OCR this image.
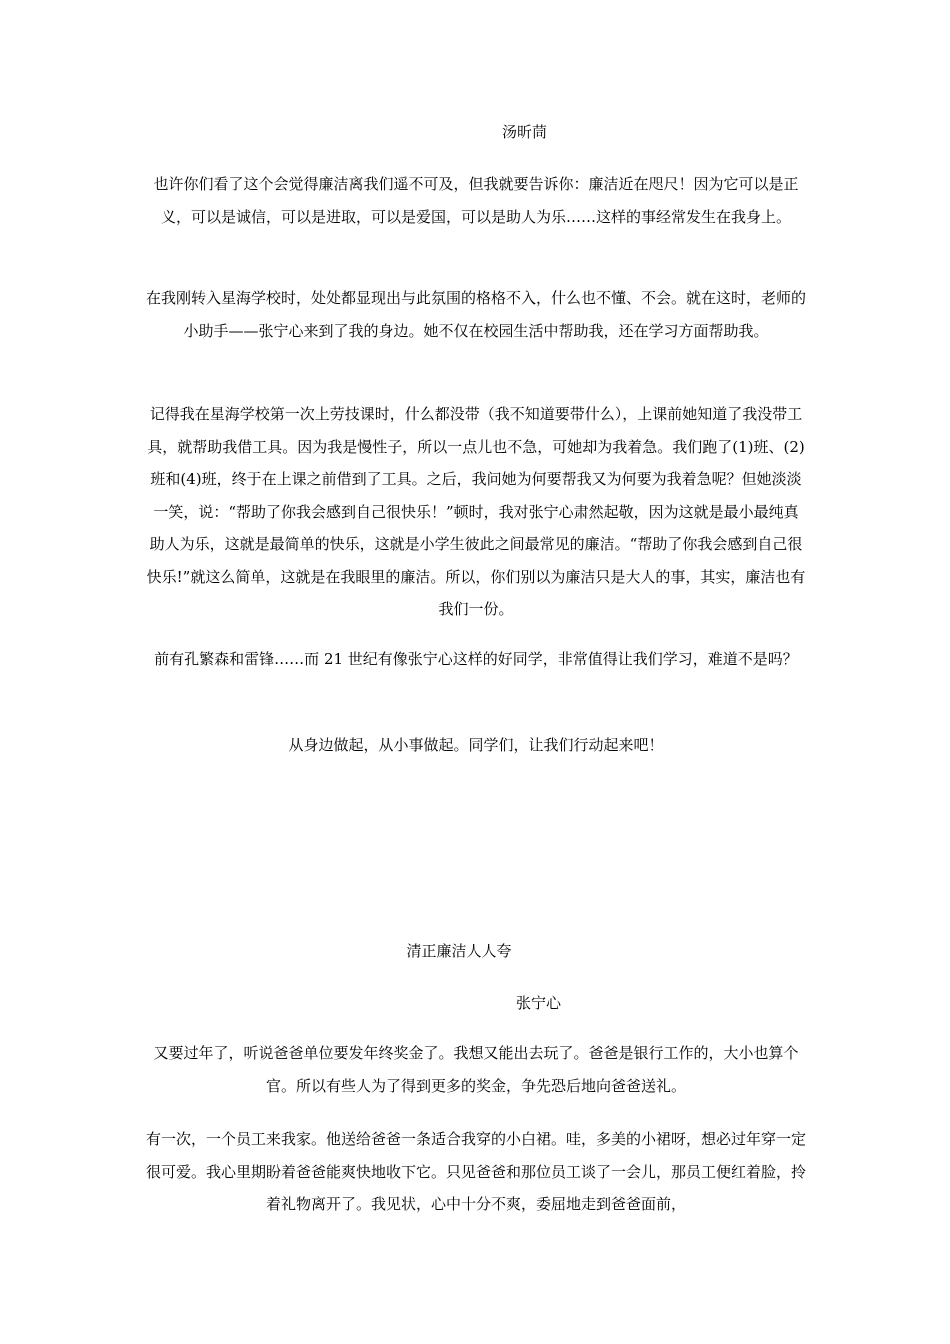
汤昕茼

也许你们看了这个会觉得廉洁离我们遥不可及，但我就要告诉你：廉洁近在咫尺！因为它可以是正义，可以是诚信，可以是进取，可以是爱国，可以是助人为乐……这样的事经常发生在我身上。

在我刚转入星海学校时，处处都显现出与此氛围的格格不入，什么也不懂、不会。就在这时，老师的小助手——张宁心来到了我的身边。她不仅在校园生活中帮助我，还在学习方面帮助我。

记得我在星海学校第一次上劳技课时，什么都没带（我不知道要带什么），上课前她知道了我没带工具，就帮助我借工具。因为我是慢性子，所以一点儿也不急，可她却为我着急。我们跑了(1)班、(2)班和(4)班，终于在上课之前借到了工具。之后，我问她为何要帮我又为何要为我着急呢？但她淡淡一笑，说：“帮助了你我会感到自己很快乐！”顿时，我对张宁心肃然起敬，因为这就是最小最纯真助人为乐，这就是最简单的快乐，这就是小学生彼此之间最常见的廉洁。“帮助了你我会感到自己很快乐!”就这么简单，这就是在我眼里的廉洁。所以，你们别以为廉洁只是大人的事，其实，廉洁也有我们一份。

前有孔繁森和雷锋……而 21 世纪有像张宁心这样的好同学，非常值得让我们学习，难道不是吗？

从身边做起，从小事做起。同学们，让我们行动起来吧！

清正廉洁人人夸

张宁心

又要过年了，听说爸爸单位要发年终奖金了。我想又能出去玩了。爸爸是银行工作的，大小也算个官。所以有些人为了得到更多的奖金，争先恐后地向爸爸送礼。

有一次，一个员工来我家。他送给爸爸一条适合我穿的小白裙。哇，多美的小裙呀，想必过年穿一定很可爱。我心里期盼着爸爸能爽快地收下它。只见爸爸和那位员工谈了一会儿，那员工便红着脸，拎着礼物离开了。我见状，心中十分不爽，委屈地走到爸爸面前，
